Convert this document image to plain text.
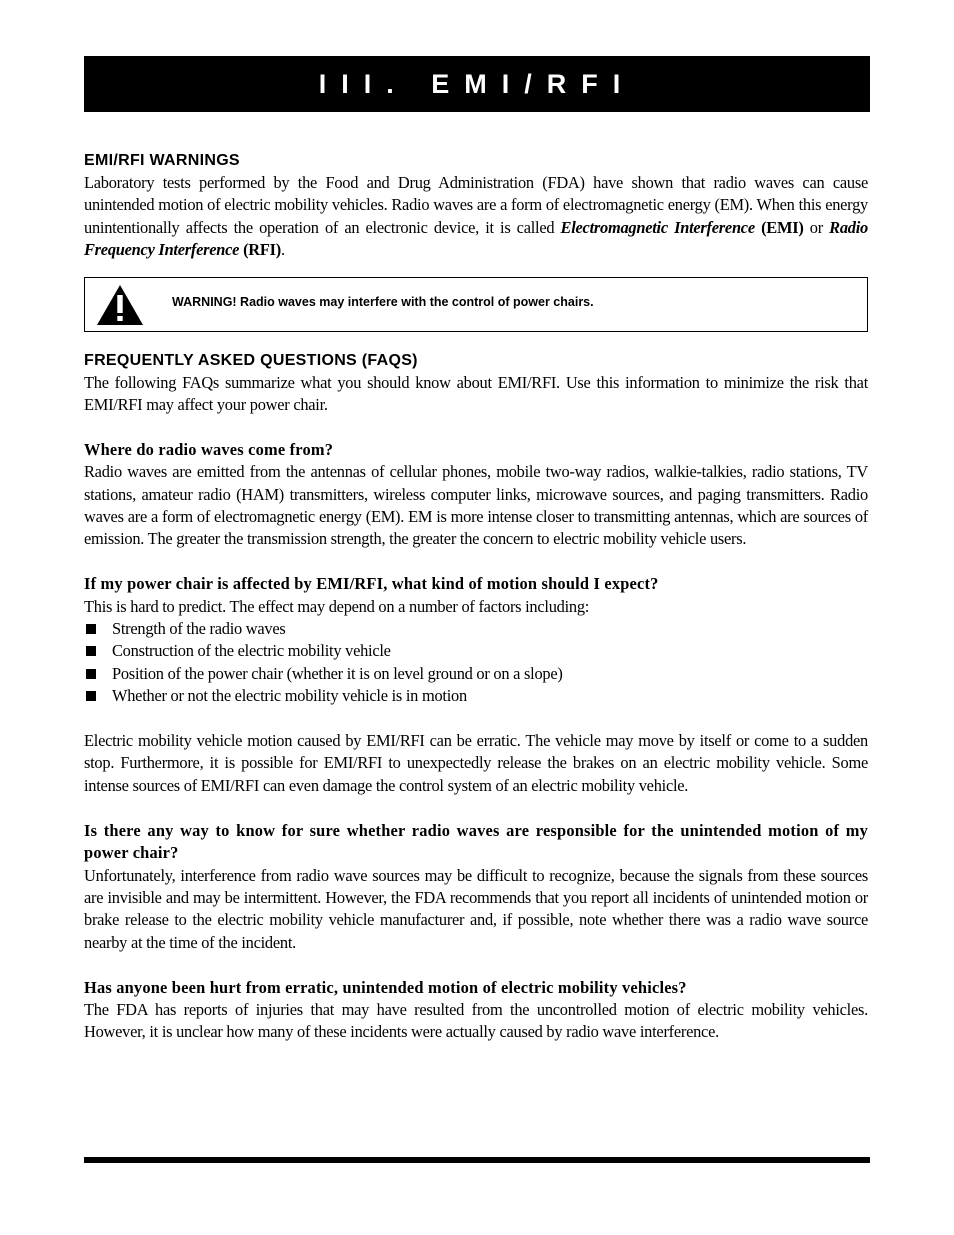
III. EMI/RFI
EMI/RFI WARNINGS

Laboratory tests performed by the Food and Drug Administration (FDA) have shown that radio waves can cause unintended motion of electric mobility vehicles. Radio waves are a form of electromagnetic energy (EM). When this energy unintentionally affects the operation of an electronic device, it is called Electromagnetic Interference (EMI) or Radio Frequency Interference (RFI).

WARNING! Radio waves may interfere with the control of power chairs.
FREQUENTLY ASKED QUESTIONS (FAQS)

The following FAQs summarize what you should know about EMI/RFI. Use this information to minimize the risk that EMI/RFI may affect your power chair.

Where do radio waves come from?

Radio waves are emitted from the antennas of cellular phones, mobile two-way radios, walkie-talkies, radio stations, TV stations, amateur radio (HAM) transmitters, wireless computer links, microwave sources, and paging transmitters. Radio waves are a form of electromagnetic energy (EM). EM is more intense closer to transmitting antennas, which are sources of emission. The greater the transmission strength, the greater the concern to electric mobility vehicle users.

If my power chair is affected by EMI/RFI, what kind of motion should I expect?

This is hard to predict. The effect may depend on a number of factors including:

Strength of the radio waves
Construction of the electric mobility vehicle
Position of the power chair (whether it is on level ground or on a slope)
Whether or not the electric mobility vehicle is in motion

Electric mobility vehicle motion caused by EMI/RFI can be erratic. The vehicle may move by itself or come to a sudden stop. Furthermore, it is possible for EMI/RFI to unexpectedly release the brakes on an electric mobility vehicle. Some intense sources of EMI/RFI can even damage the control system of an electric mobility vehicle.

Is there any way to know for sure whether radio waves are responsible for the unintended motion of my power chair?

Unfortunately, interference from radio wave sources may be difficult to recognize, because the signals from these sources are invisible and may be intermittent. However, the FDA recommends that you report all incidents of unintended motion or brake release to the electric mobility vehicle manufacturer and, if possible, note whether there was a radio wave source nearby at the time of the incident.

Has anyone been hurt from erratic, unintended motion of electric mobility vehicles?

The FDA has reports of injuries that may have resulted from the uncontrolled motion of electric mobility vehicles. However, it is unclear how many of these incidents were actually caused by radio wave interference.
